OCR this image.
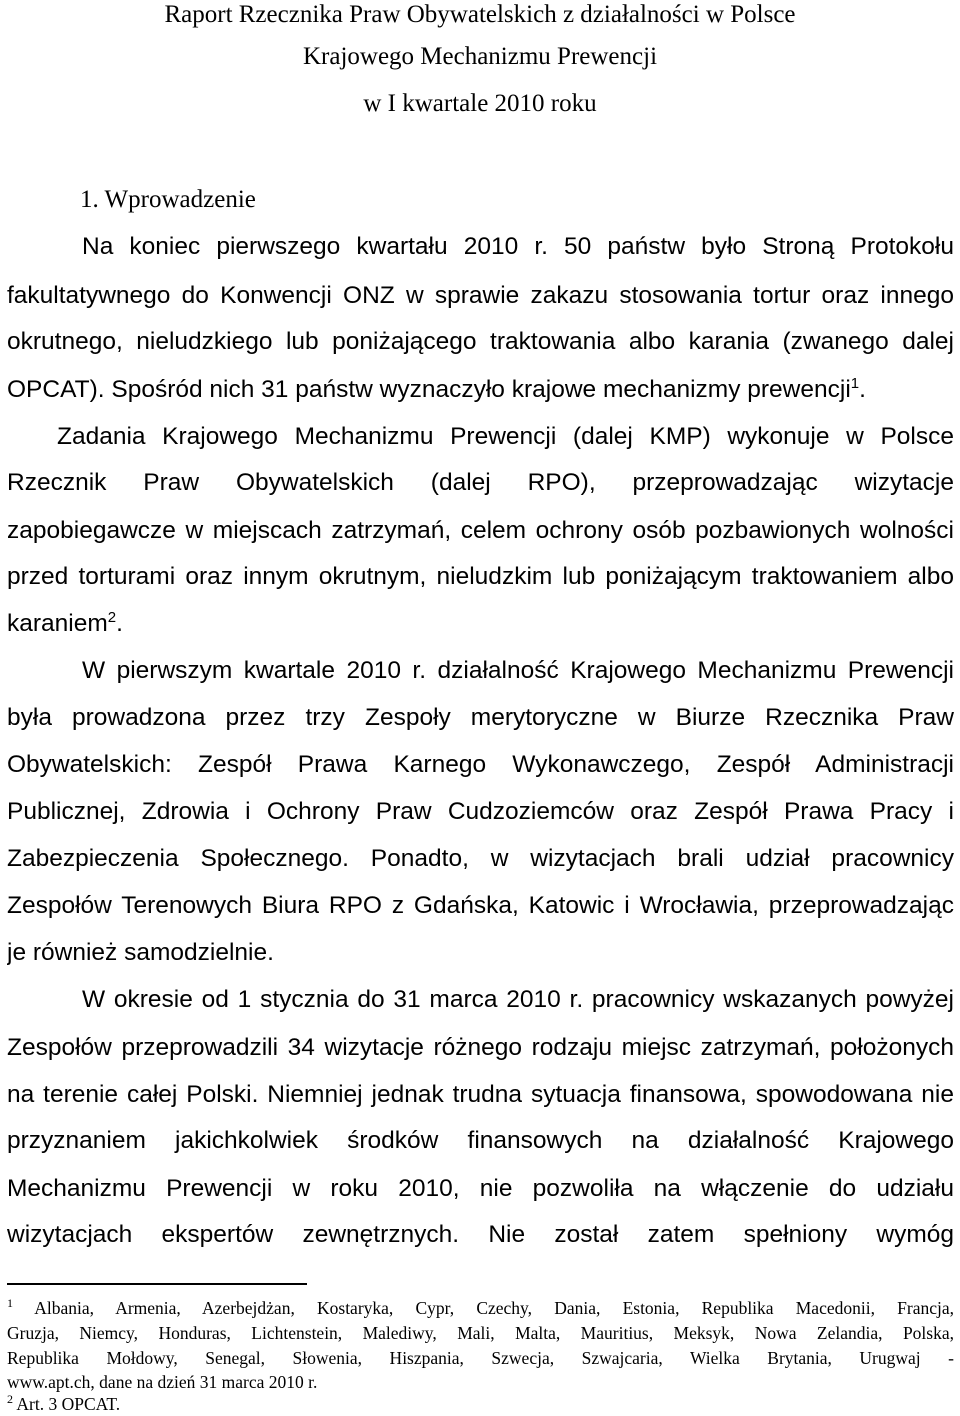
Raport Rzecznika Praw Obywatelskich z działalności w Polsce
Krajowego Mechanizmu Prewencji
w I kwartale 2010 roku
1. Wprowadzenie
Na koniec pierwszego kwartału 2010 r. 50 państw było Stroną Protokołu
fakultatywnego do Konwencji ONZ w sprawie zakazu stosowania tortur oraz innego
okrutnego, nieludzkiego lub poniżającego traktowania albo karania (zwanego dalej
OPCAT). Spośród nich 31 państw wyznaczyło krajowe mechanizmy prewencji$^1$.
Zadania Krajowego Mechanizmu Prewencji (dalej KMP) wykonuje w Polsce
Rzecznik Praw Obywatelskich (dalej RPO), przeprowadzając wizytacje
zapobiegawcze w miejscach zatrzymań, celem ochrony osób pozbawionych wolności
przed torturami oraz innym okrutnym, nieludzkim lub poniżającym traktowaniem albo
karaniem$^2$.
W pierwszym kwartale 2010 r. działalność Krajowego Mechanizmu Prewencji
była prowadzona przez trzy Zespoły merytoryczne w Biurze Rzecznika Praw
Obywatelskich: Zespół Prawa Karnego Wykonawczego, Zespół Administracji
Publicznej, Zdrowia i Ochrony Praw Cudzoziemców oraz Zespół Prawa Pracy i
Zabezpieczenia Społecznego. Ponadto, w wizytacjach brali udział pracownicy
Zespołów Terenowych Biura RPO z Gdańska, Katowic i Wrocławia, przeprowadzając
je również samodzielnie.
W okresie od 1 stycznia do 31 marca 2010 r. pracownicy wskazanych powyżej
Zespołów przeprowadzili 34 wizytacje różnego rodzaju miejsc zatrzymań, położonych
na terenie całej Polski. Niemniej jednak trudna sytuacja finansowa, spowodowana nie
przyznaniem jakichkolwiek środków finansowych na działalność Krajowego
Mechanizmu Prewencji w roku 2010, nie pozwoliła na włączenie do udziału
wizytacjach ekspertów zewnętrznych. Nie został zatem spełniony wymóg
$^1$ Albania, Armenia, Azerbejdżan, Kostaryka, Cypr, Czechy, Dania, Estonia, Republika Macedonii, Francja,
Gruzja, Niemcy, Honduras, Lichtenstein, Malediwy, Mali, Malta, Mauritius, Meksyk, Nowa Zelandia, Polska,
Republika Mołdowy, Senegal, Słowenia, Hiszpania, Szwecja, Szwajcaria, Wielka Brytania, Urugwaj -
www.apt.ch, dane na dzień 31 marca 2010 r.
$^2$ Art. 3 OPCAT.
